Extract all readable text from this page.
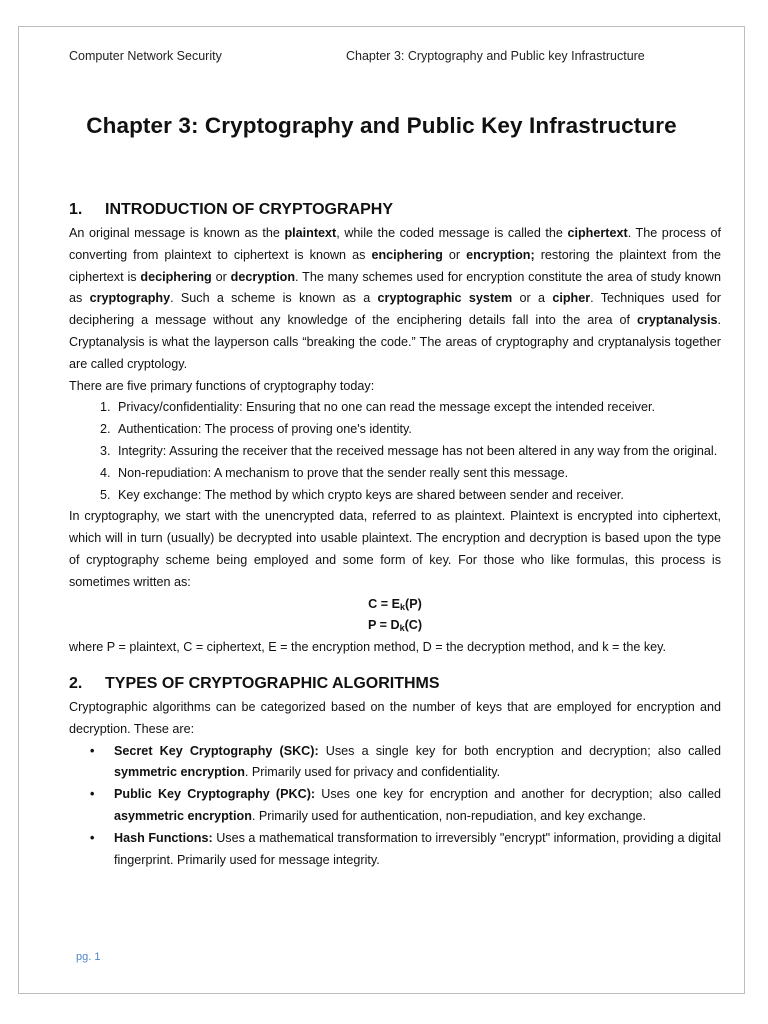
Computer Network Security	Chapter 3: Cryptography and Public key Infrastructure
Chapter 3: Cryptography and Public Key Infrastructure
1. INTRODUCTION OF CRYPTOGRAPHY

An original message is known as the plaintext, while the coded message is called the ciphertext. The process of converting from plaintext to ciphertext is known as enciphering or encryption; restoring the plaintext from the ciphertext is deciphering or decryption. The many schemes used for encryption constitute the area of study known as cryptography. Such a scheme is known as a cryptographic system or a cipher. Techniques used for deciphering a message without any knowledge of the enciphering details fall into the area of cryptanalysis. Cryptanalysis is what the layperson calls “breaking the code.” The areas of cryptography and cryptanalysis together are called cryptology.

There are five primary functions of cryptography today:

1. Privacy/confidentiality: Ensuring that no one can read the message except the intended receiver.
2. Authentication: The process of proving one's identity.
3. Integrity: Assuring the receiver that the received message has not been altered in any way from the original.
4. Non-repudiation: A mechanism to prove that the sender really sent this message.
5. Key exchange: The method by which crypto keys are shared between sender and receiver.

In cryptography, we start with the unencrypted data, referred to as plaintext. Plaintext is encrypted into ciphertext, which will in turn (usually) be decrypted into usable plaintext. The encryption and decryption is based upon the type of cryptography scheme being employed and some form of key. For those who like formulas, this process is sometimes written as:

$C = E_k(P)$
$P = D_k(C)$

where P = plaintext, C = ciphertext, E = the encryption method, D = the decryption method, and k = the key.

2. TYPES OF CRYPTOGRAPHIC ALGORITHMS

Cryptographic algorithms can be categorized based on the number of keys that are employed for encryption and decryption. These are:

• Secret Key Cryptography (SKC): Uses a single key for both encryption and decryption; also called symmetric encryption. Primarily used for privacy and confidentiality.
• Public Key Cryptography (PKC): Uses one key for encryption and another for decryption; also called asymmetric encryption. Primarily used for authentication, non-repudiation, and key exchange.
• Hash Functions: Uses a mathematical transformation to irreversibly "encrypt" information, providing a digital fingerprint. Primarily used for message integrity.
pg. 1
